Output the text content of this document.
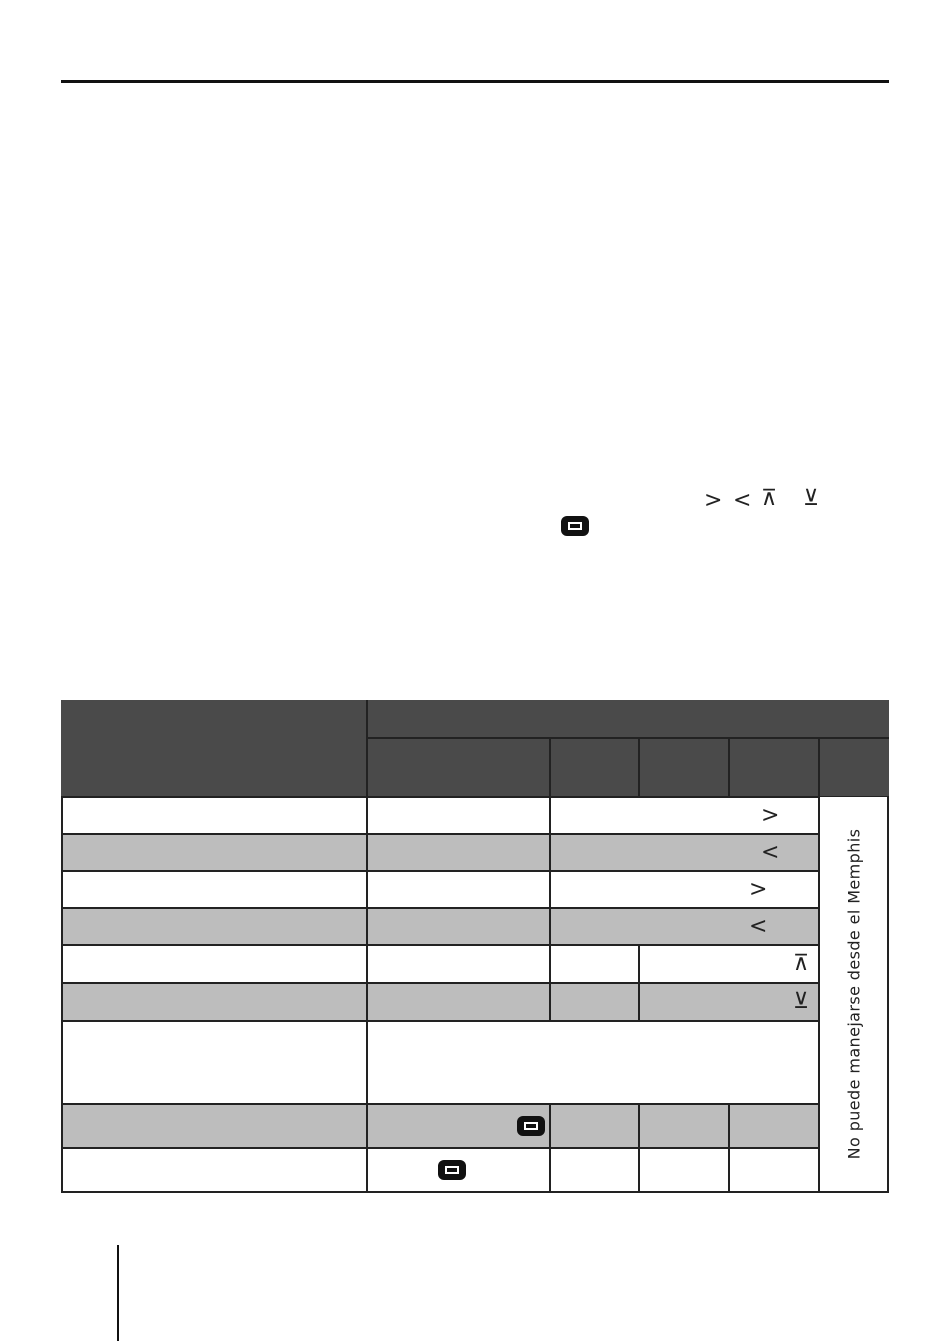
> < ⊼ ⊻
>
<
>
<
⊼
⊻ No puede manejarse desde el Memphis
